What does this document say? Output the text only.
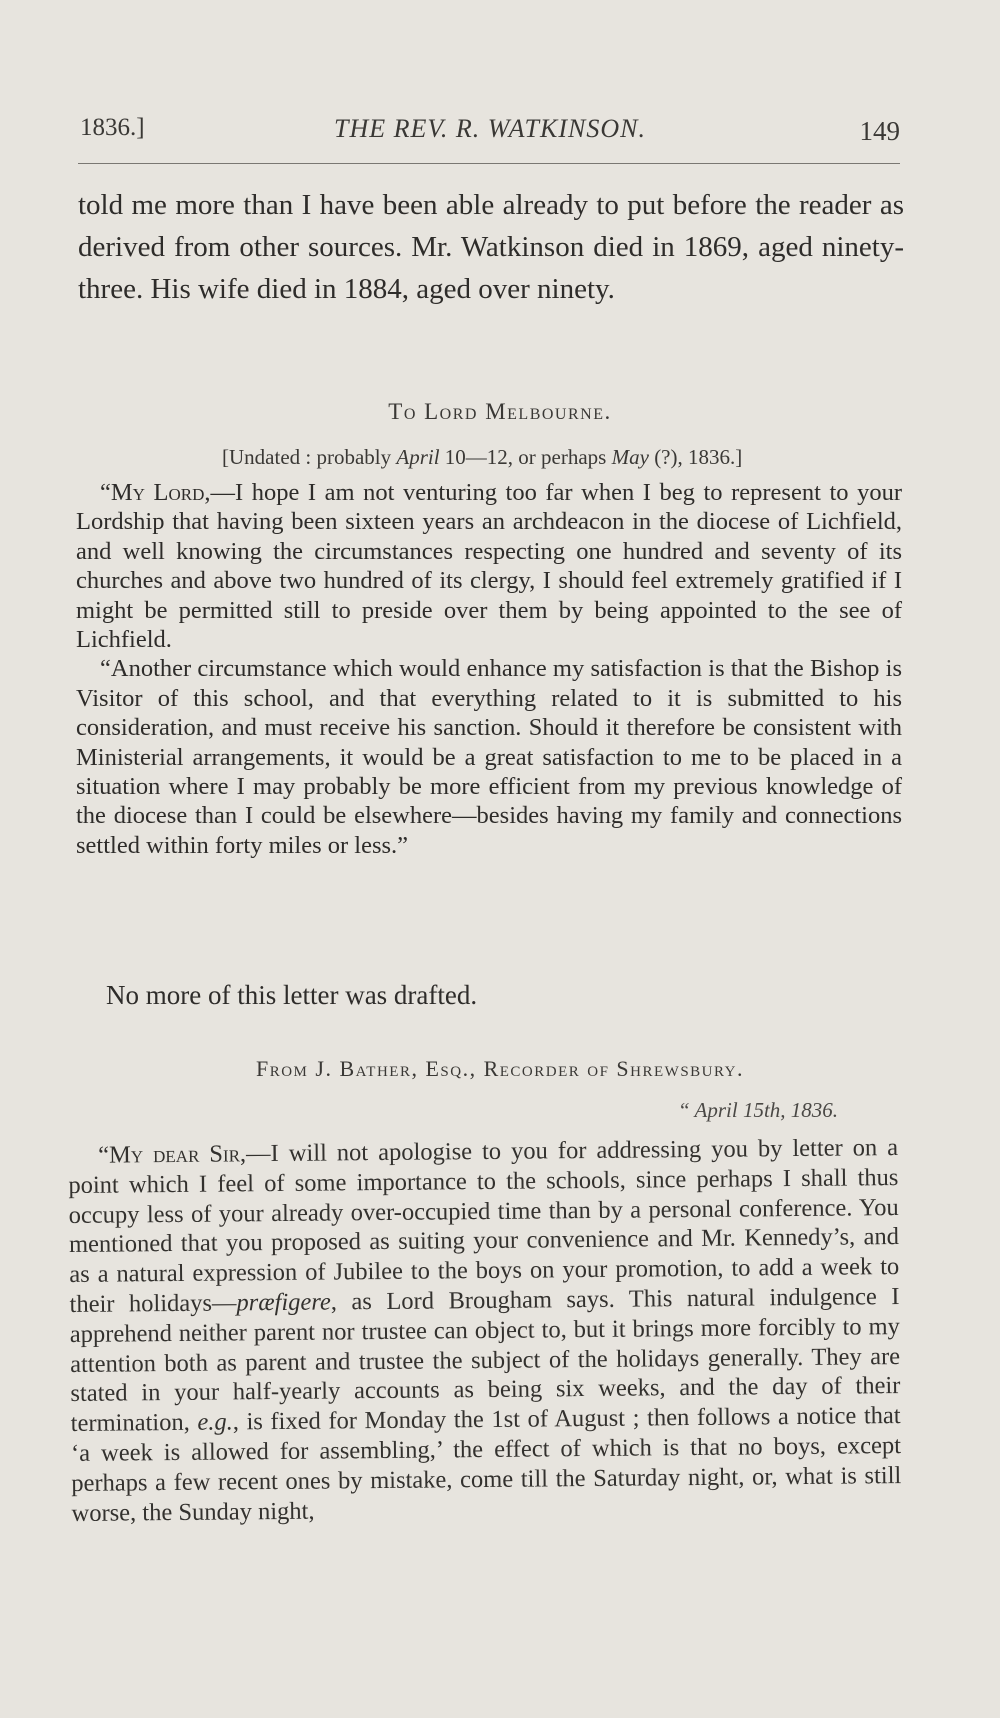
1836.]	THE REV. R. WATKINSON.	149
told me more than I have been able already to put before the reader as derived from other sources. Mr. Watkinson died in 1869, aged ninety-three. His wife died in 1884, aged over ninety.
To Lord Melbourne.
[Undated : probably April 10—12, or perhaps May (?), 1836.]

“My Lord,—I hope I am not venturing too far when I beg to represent to your Lordship that having been sixteen years an archdeacon in the diocese of Lichfield, and well knowing the circumstances respecting one hundred and seventy of its churches and above two hundred of its clergy, I should feel extremely gratified if I might be permitted still to preside over them by being appointed to the see of Lichfield.

“Another circumstance which would enhance my satisfaction is that the Bishop is Visitor of this school, and that everything related to it is submitted to his consideration, and must receive his sanction. Should it therefore be consistent with Ministerial arrangements, it would be a great satisfaction to me to be placed in a situation where I may probably be more efficient from my previous knowledge of the diocese than I could be elsewhere—besides having my family and connections settled within forty miles or less.”

No more of this letter was drafted.
From J. Bather, Esq., Recorder of Shrewsbury.
“ April 15th, 1836.

“My dear Sir,—I will not apologise to you for addressing you by letter on a point which I feel of some importance to the schools, since perhaps I shall thus occupy less of your already over-occupied time than by a personal conference. You mentioned that you proposed as suiting your convenience and Mr. Kennedy’s, and as a natural expression of Jubilee to the boys on your promotion, to add a week to their holidays—præfigere, as Lord Brougham says. This natural indulgence I apprehend neither parent nor trustee can object to, but it brings more forcibly to my attention both as parent and trustee the subject of the holidays generally. They are stated in your half-yearly accounts as being six weeks, and the day of their termination, e.g., is fixed for Monday the 1st of August ; then follows a notice that ‘a week is allowed for assembling,’ the effect of which is that no boys, except perhaps a few recent ones by mistake, come till the Saturday night, or, what is still worse, the Sunday night,
